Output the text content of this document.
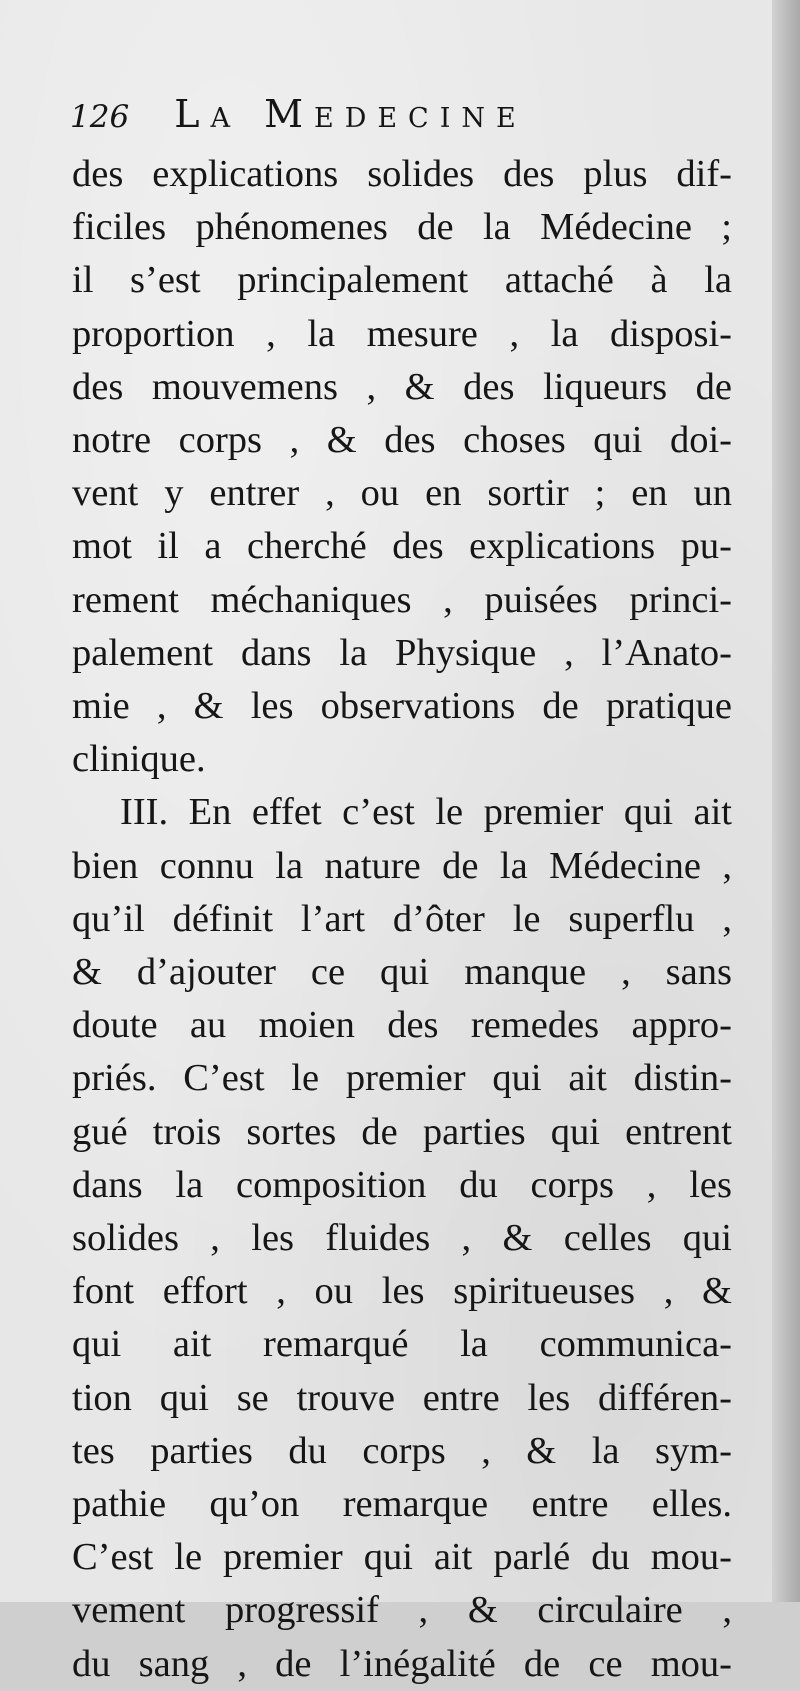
126 La Medecine
des explications solides des plus dif-
ficiles phénomenes de la Médecine ;
il s’est principalement attaché à la
proportion , la mesure , la disposi-
des mouvemens , & des liqueurs de
notre corps , & des choses qui doi-
vent y entrer , ou en sortir ; en un
mot il a cherché des explications pu-
rement méchaniques , puisées princi-
palement dans la Physique , l’Anato-
mie , & les observations de pratique
clinique.
III. En effet c’est le premier qui ait
bien connu la nature de la Médecine ,
qu’il définit l’art d’ôter le superflu ,
& d’ajouter ce qui manque , sans
doute au moien des remedes appro-
priés. C’est le premier qui ait distin-
gué trois sortes de parties qui entrent
dans la composition du corps , les
solides , les fluides , & celles qui
font effort , ou les spiritueuses , &
qui ait remarqué la communica-
tion qui se trouve entre les différen-
tes parties du corps , & la sym-
pathie qu’on remarque entre elles.
C’est le premier qui ait parlé du mou-
vement progressif , & circulaire ,
du sang , de l’inégalité de ce mou-
